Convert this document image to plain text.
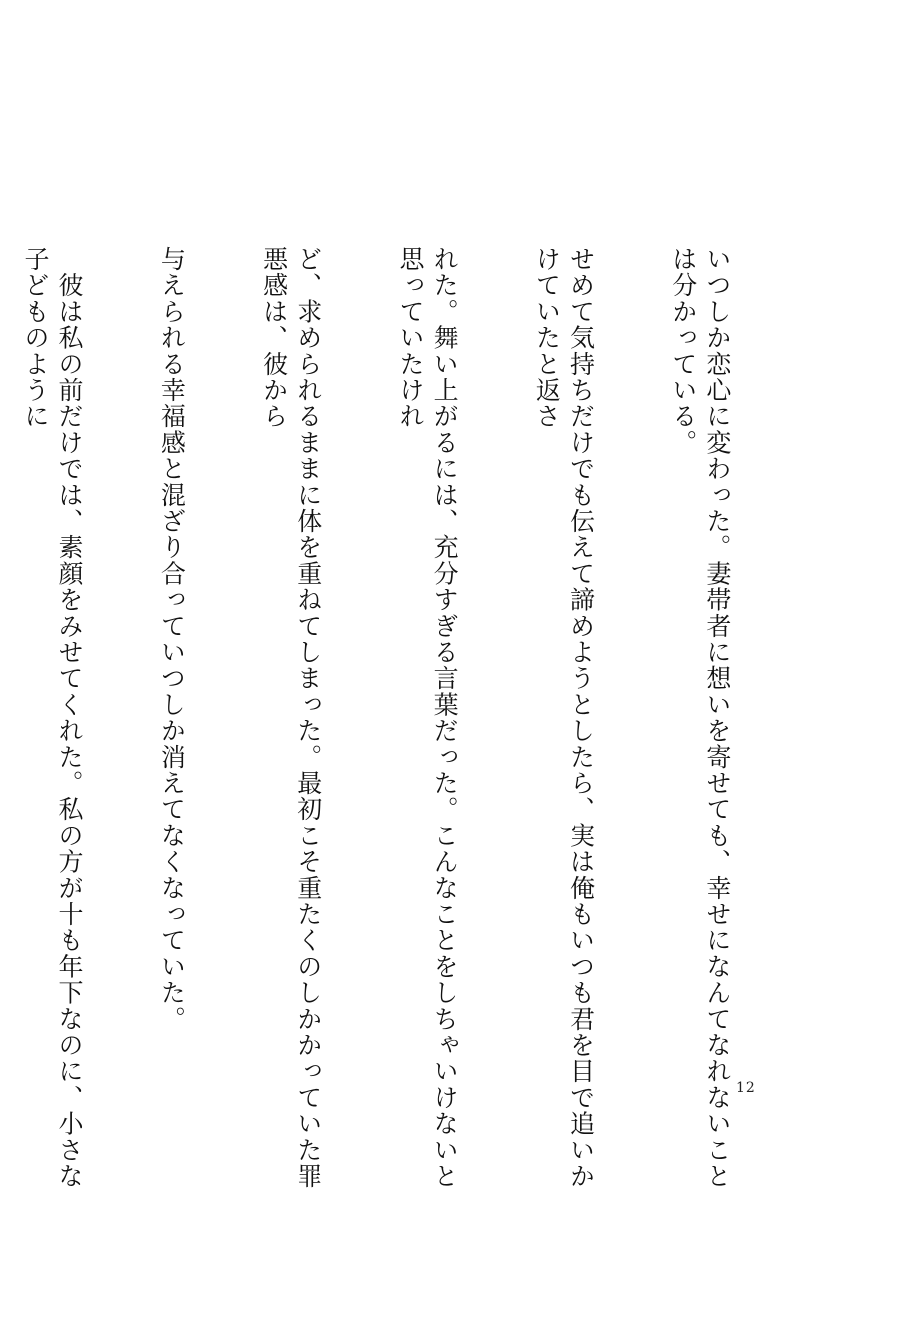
いつしか恋心に変わった。妻帯者に想いを寄せても、幸せになんてなれないことは分かっている。

せめて気持ちだけでも伝えて諦めようとしたら、実は俺もいつも君を目で追いかけていたと返さ

れた。舞い上がるには、充分すぎる言葉だった。こんなことをしちゃいけないと思っていたけれ

ど、求められるままに体を重ねてしまった。最初こそ重たくのしかかっていた罪悪感は、彼から

与えられる幸福感と混ざり合っていつしか消えてなくなっていた。

　彼は私の前だけでは、素顔をみせてくれた。私の方が十も年下なのに、小さな子どものように

12
